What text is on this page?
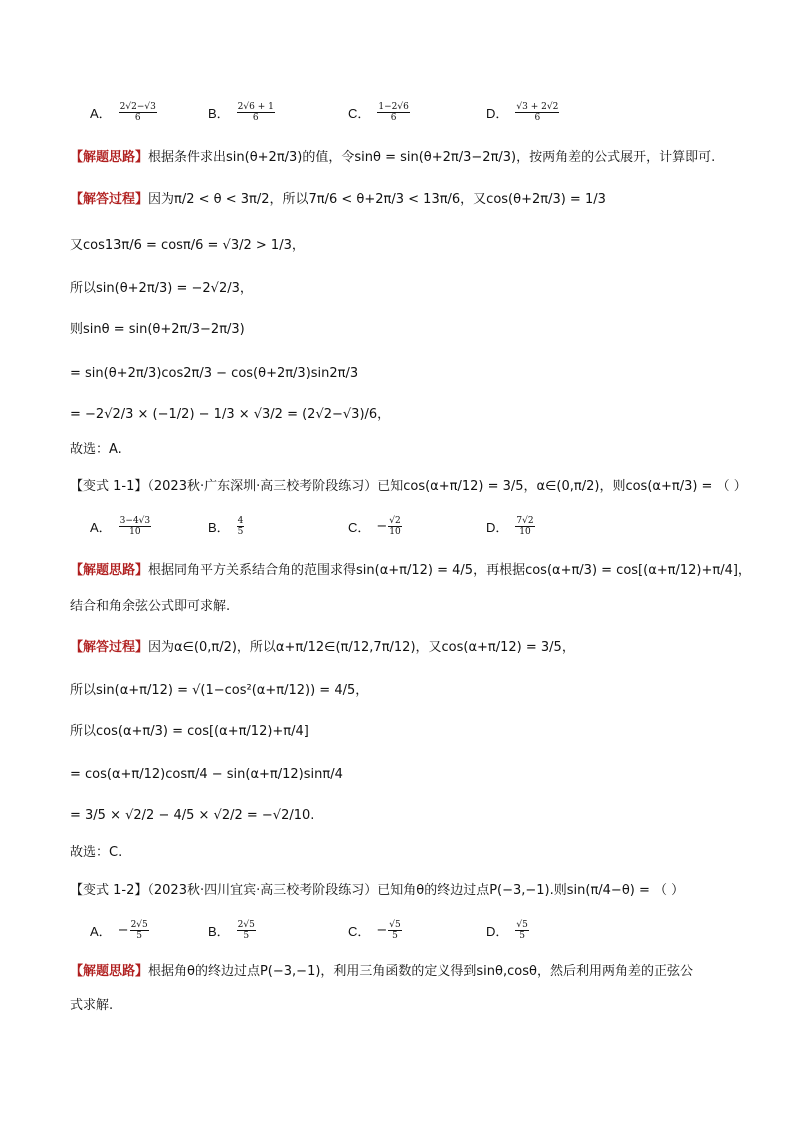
A． $\frac{2√2-√3}{6}$	B． $\frac{2√6 + 1}{6}$	C． $\frac{1-2√6}{6}$	D． $\frac{√3 + 2√2}{6}$
【解题思路】根据条件求出sin(θ+2π/3)的值，令sinθ = sin(θ+2π/3−2π/3)，按两角差的公式展开，计算即可.
【解答过程】因为π/2 < θ < 3π/2，所以7π/6 < θ+2π/3 < 13π/6，又cos(θ+2π/3) = 1/3
又cos13π/6 = cosπ/6 = √3/2 > 1/3，
所以sin(θ+2π/3) = −2√2/3，
则sinθ = sin(θ+2π/3−2π/3)
= sin(θ+2π/3)cos2π/3 − cos(θ+2π/3)sin2π/3
= −2√2/3 × (−1/2) − 1/3 × √3/2 = (2√2−√3)/6，
故选：A.
【变式 1-1】（2023秋·广东深圳·高三校考阶段练习）已知cos(α+π/12) = 3/5，α∈(0,π/2)，则cos(α+π/3) = （ ）
A． $\frac{3-4√3}{10}$	B． $\frac{4}{5}$	C． − $\frac{√2}{10}$	D． $\frac{7√2}{10}$
【解题思路】根据同角平方关系结合角的范围求得sin(α+π/12) = 4/5，再根据cos(α+π/3) = cos[(α+π/12)+π/4]，
结合和角余弦公式即可求解.
【解答过程】因为α∈(0,π/2)，所以α+π/12∈(π/12,7π/12)，又cos(α+π/12) = 3/5，
所以sin(α+π/12) = √(1−cos²(α+π/12)) = 4/5，
所以cos(α+π/3) = cos[(α+π/12)+π/4]
= cos(α+π/12)cosπ/4 − sin(α+π/12)sinπ/4
= 3/5 × √2/2 − 4/5 × √2/2 = −√2/10.
故选：C.
【变式 1-2】（2023秋·四川宜宾·高三校考阶段练习）已知角θ的终边过点P(−3,−1).则sin(π/4−θ) = （ ）
A． − $\frac{2√5}{5}$	B． $\frac{2√5}{5}$	C． − $\frac{√5}{5}$	D． $\frac{√5}{5}$
【解题思路】根据角θ的终边过点P(−3,−1)，利用三角函数的定义得到sinθ,cosθ，然后利用两角差的正弦公
式求解.
